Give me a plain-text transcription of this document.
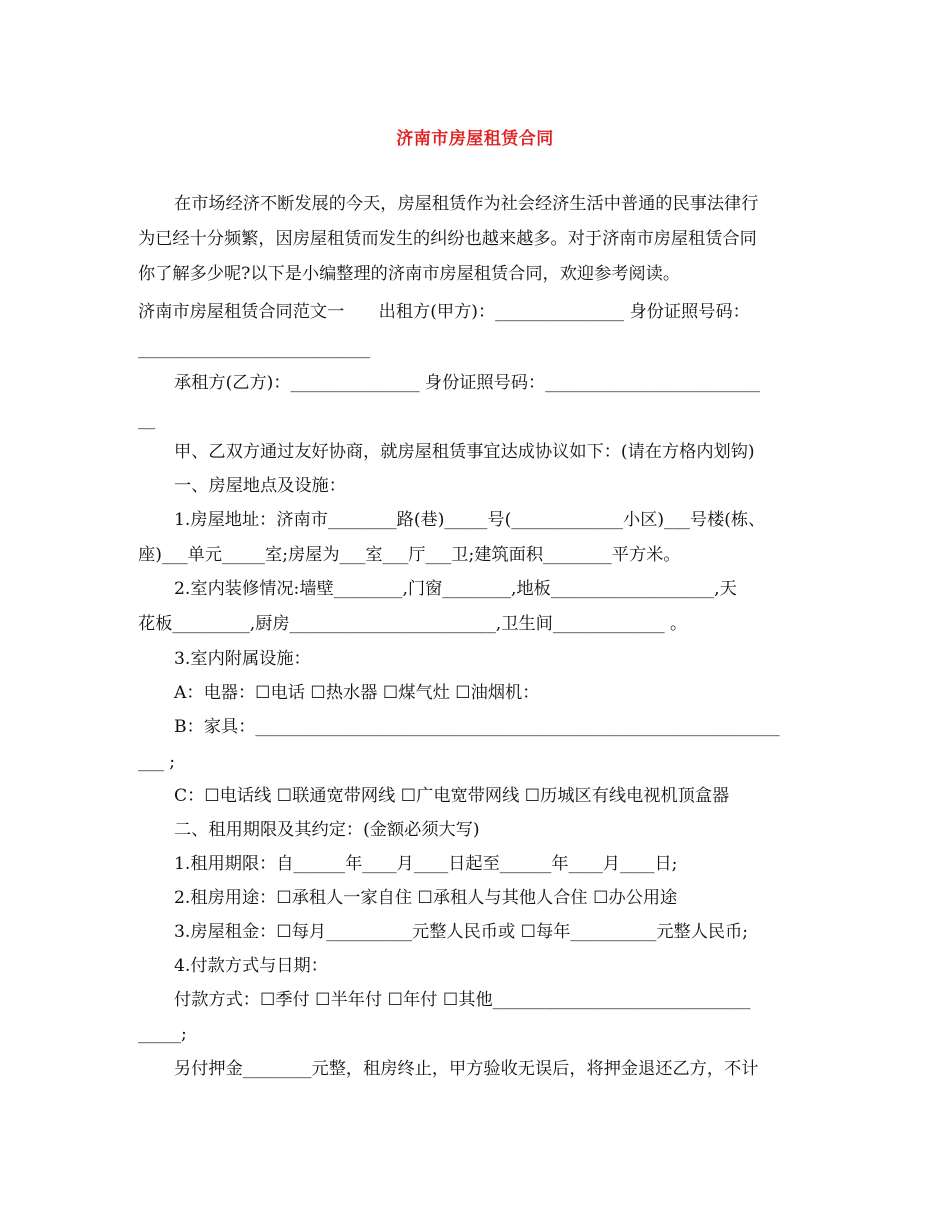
济南市房屋租赁合同
在市场经济不断发展的今天，房屋租赁作为社会经济生活中普通的民事法律行
为已经十分频繁，因房屋租赁而发生的纠纷也越来越多。对于济南市房屋租赁合同
你了解多少呢?以下是小编整理的济南市房屋租赁合同，欢迎参考阅读。
济南市房屋租赁合同范文一　　出租方(甲方)：_______________ 身份证照号码：
___________________________
承租方(乙方)：_______________ 身份证照号码：_________________________
__
甲、乙双方通过友好协商，就房屋租赁事宜达成协议如下：(请在方格内划钩)
一、房屋地点及设施：
1.房屋地址：济南市________路(巷)_____号(_____________小区)___号楼(栋、
座)___单元_____室;房屋为___室___厅___卫;建筑面积________平方米。
2.室内装修情况:墙壁________,门窗________,地板___________________,天
花板_________,厨房________________________,卫生间_____________ 。
3.室内附属设施：
A：电器：☐电话 ☐热水器 ☐煤气灶 ☐油烟机：
B：家具：_____________________________________________________________
___ ;
C：☐电话线 ☐联通宽带网线 ☐广电宽带网线 ☐历城区有线电视机顶盒器
二、租用期限及其约定：(金额必须大写)
1.租用期限：自______年____月____日起至______年____月____日;
2.租房用途：☐承租人一家自住 ☐承租人与其他人合住 ☐办公用途
3.房屋租金：☐每月__________元整人民币或 ☐每年__________元整人民币;
4.付款方式与日期：
付款方式：☐季付 ☐半年付 ☐年付 ☐其他______________________________
_____;
另付押金________元整，租房终止，甲方验收无误后，将押金退还乙方，不计
